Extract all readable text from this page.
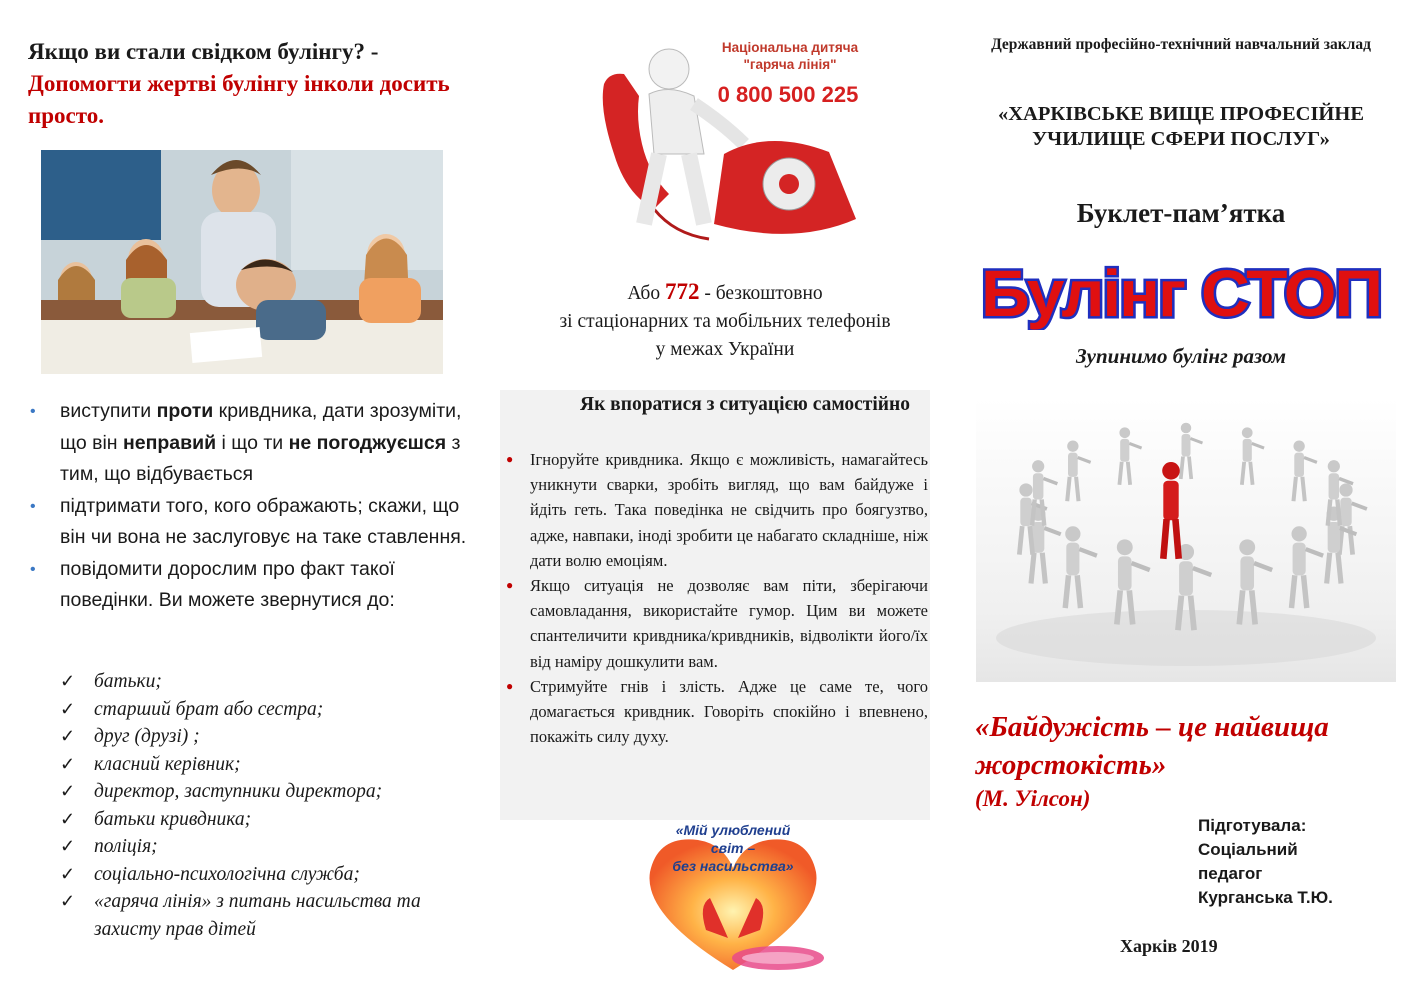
Якщо ви стали свідком булінгу? -
Допомогти жертві булінгу інколи досить просто.
• виступити проти кривдника, дати зрозуміти, що він неправий і що ти не погоджуєшся з тим, що відбувається
• підтримати того, кого ображають; скажи, що він чи вона не заслуговує на таке ставлення.
• повідомити дорослим про факт такої поведінки. Ви можете звернутися до:
✓ батьки;
✓ старший брат або сестра;
✓ друг (друзі) ;
✓ класний керівник;
✓ директор, заступники директора;
✓ батьки кривдника;
✓ поліція;
✓ соціально-психологічна служба;
✓ «гаряча лінія» з питань насильства та захисту прав дітей
Національна дитяча
"гаряча лінія"
0 800 500 225
Або 772 - безкоштовно
зі стаціонарних та мобільних телефонів
у межах України
Як впоратися з ситуацією самостійно
● Ігноруйте кривдника. Якщо є можливість, намагайтесь уникнути сварки, зробіть вигляд, що вам байдуже і йдіть геть. Така поведінка не свідчить про боягузтво, адже, навпаки, іноді зробити це набагато складніше, ніж дати волю емоціям.
● Якщо ситуація не дозволяє вам піти, зберігаючи самовладання, використайте гумор. Цим ви можете спантеличити кривдника/кривдників, відволікти його/їх від наміру дошкулити вам.
● Стримуйте гнів і злість. Адже це саме те, чого домагається кривдник. Говоріть спокійно і впевнено, покажіть силу духу.
«Мій улюблений
світ –
без насильства»
Державний професійно-технічний навчальний заклад
«ХАРКІВСЬКЕ ВИЩЕ ПРОФЕСІЙНЕ УЧИЛИЩЕ СФЕРИ ПОСЛУГ»
Буклет-пам’ятка
Булінг СТОП
Зупинимо булінг разом
«Байдужість – це найвища жорстокість»
(М. Уілсон)
Підготувала:
Соціальний
педагог
Курганська Т.Ю.
Харків 2019
